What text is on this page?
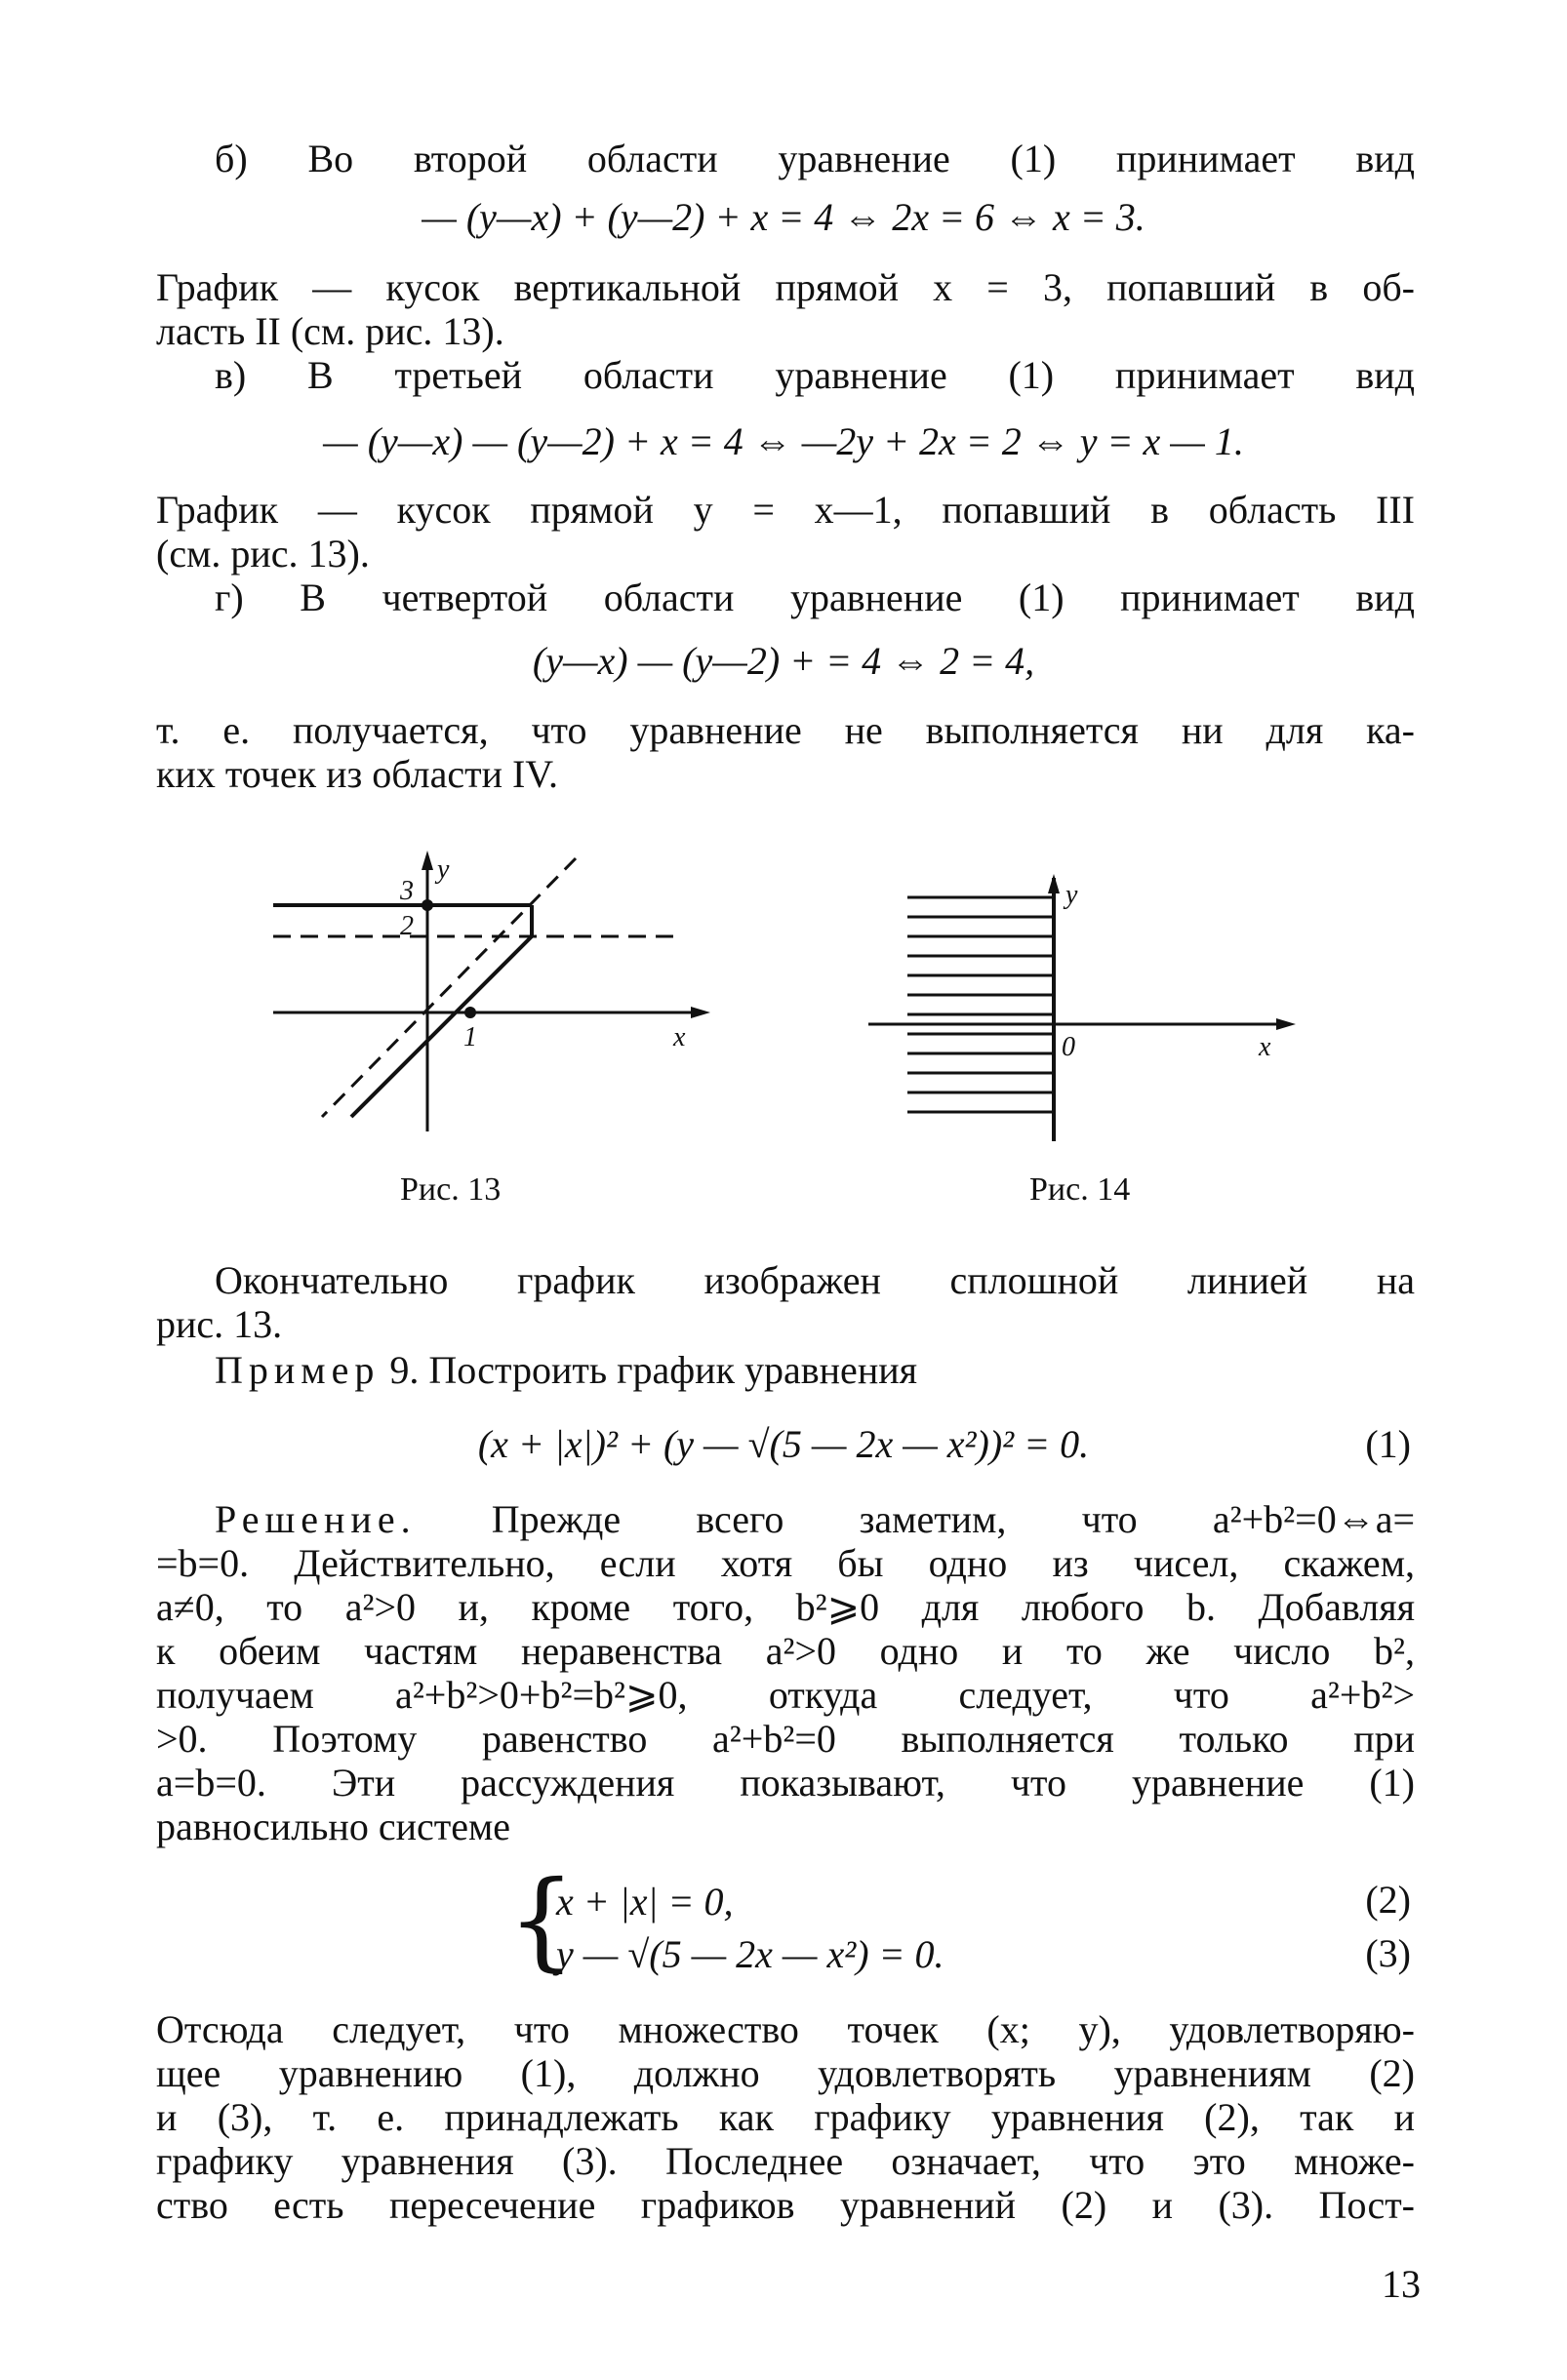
б) Во второй области уравнение (1) принимает вид

— (y—x) + (y—2) + x = 4 ⇔ 2x = 6 ⇔ x = 3.

График — кусок вертикальной прямой x = 3, попавший в об-

ласть II (см. рис. 13).

в) В третьей области уравнение (1) принимает вид

— (y—x) — (y—2) + x = 4 ⇔ —2y + 2x = 2 ⇔ y = x — 1.

График — кусок прямой y = x—1, попавший в область III

(см. рис. 13).

г) В четвертой области уравнение (1) принимает вид

(y—x) — (y—2) + = 4 ⇔ 2 = 4,

т. е. получается, что уравнение не выполняется ни для ка-

ких точек из области IV.

y
3
2
1	x
Рис. 13
y
0	x
Рис. 14

Окончательно график изображен сплошной линией на

рис. 13.

Пример 9. Построить график уравнения

(x + |x|)² + (y — √(5 — 2x — x²))² = 0.	(1)

Решение. Прежде всего заметим, что a²+b²=0⇔a=

=b=0. Действительно, если хотя бы одно из чисел, скажем,

a≠0, то a²>0 и, кроме того, b²⩾0 для любого b. Добавляя

к обеим частям неравенства a²>0 одно и то же число b²,

получаем a²+b²>0+b²=b²⩾0, откуда следует, что a²+b²>

>0. Поэтому равенство a²+b²=0 выполняется только при

a=b=0. Эти рассуждения показывают, что уравнение (1)

равносильно системе

{
x + |x| = 0,
y — √(5 — 2x — x²) = 0.
(2)
(3)

Отсюда следует, что множество точек (x; y), удовлетворяю-

щее уравнению (1), должно удовлетворять уравнениям (2)

и (3), т. е. принадлежать как графику уравнения (2), так и

графику уравнения (3). Последнее означает, что это множе-

ство есть пересечение графиков уравнений (2) и (3). Пост-

13
